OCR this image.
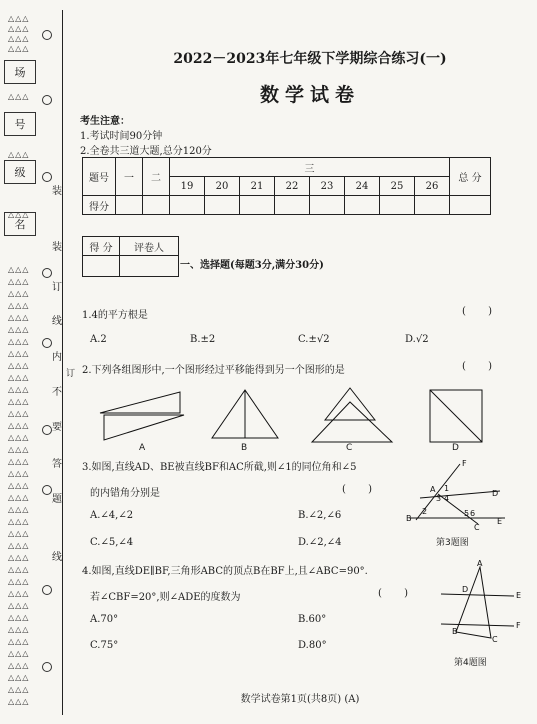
△△△
△△△
△△△
△△△
△△△
△△△
△△△
△△△
△△△
△△△
△△△
△△△
△△△
△△△
△△△
△△△
△△△
△△△
△△△
△△△
△△△
△△△
△△△
△△△
△△△
△△△
△△△
△△△
△△△
△△△
△△△
△△△
△△△
△△△
△△△
△△△
△△△
△△△
△△△
△△△
△△△
△△△
△△△
△△△
场
号
级
名
装
装
订
线
内
不
要
答
题
线
订
2022－2023年七年级下学期综合练习(一)
数学试卷
考生注意：
1.考试时间90分钟
2.全卷共三道大题,总分120分
题号	一	二	三								总 分
			19	20	21	22	23	24	25	26	
得分											
得 分	评卷人

一、选择题(每题3分,满分30分)
1.4的平方根是	(       )
A.2	B.±2	C.±√2	D.√2
2.下列各组图形中,一个图形经过平移能得到另一个图形的是	(       )
A	B	C	D
3.如图,直线AD、BE被直线BF和AC所截,则∠1的同位角和∠5
的内错角分别是	(       )
A.∠4,∠2	B.∠2,∠6
C.∠5,∠4	D.∠2,∠4
F
A	D
B
C
E
1
2
3 4
5 6
第3题图
4.如图,直线DE∥BF,三角形ABC的顶点B在BF上,且∠ABC=90°.
若∠CBF=20°,则∠ADE的度数为	(       )
A.70°	B.60°
C.75°	D.80°
A
D
E
B
C
F
第4题图
数学试卷第1页(共8页) (A)
